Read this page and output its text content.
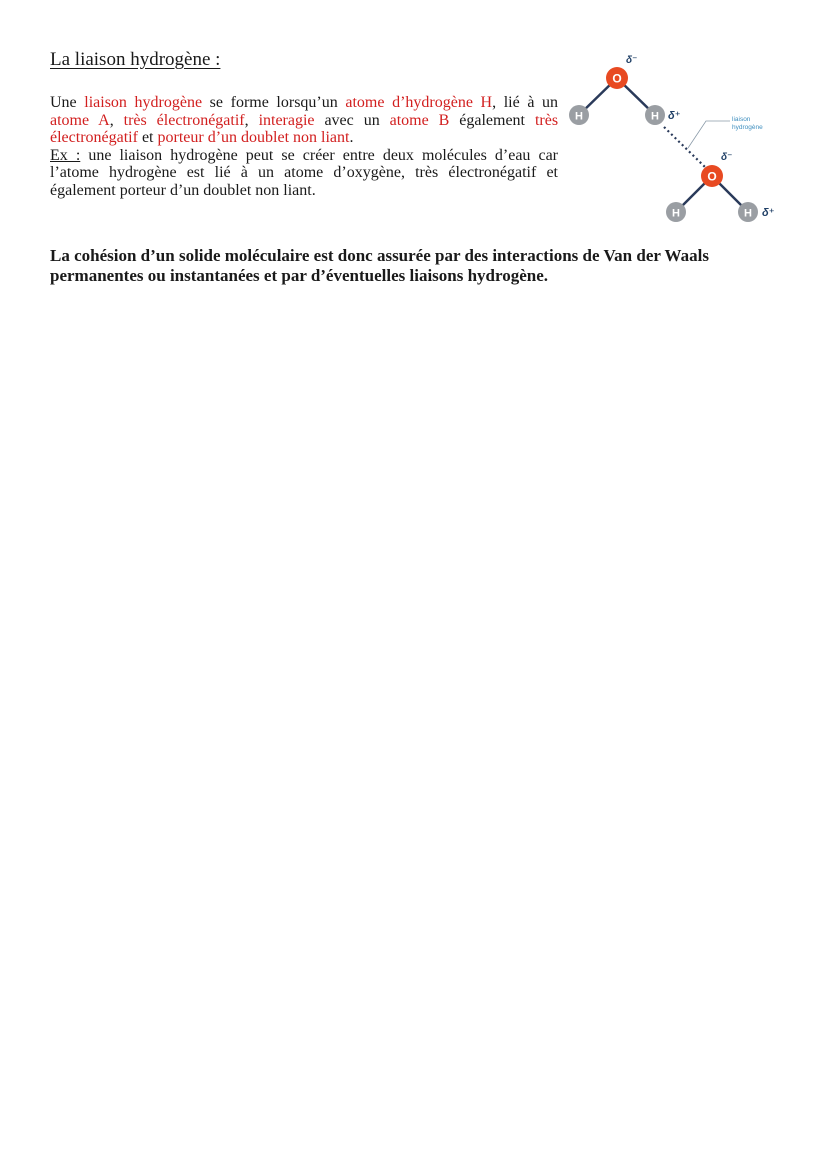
La liaison hydrogène :
Une liaison hydrogène se forme lorsqu’un atome d’hydrogène H, lié à un atome A, très électronégatif, interagie avec un atome B également très électronégatif et porteur d’un doublet non liant.
Ex : une liaison hydrogène peut se créer entre deux molécules d’eau car l’atome hydrogène est lié à un atome d’oxygène, très électronégatif et également porteur d’un doublet non liant.
O
δ⁻
H	H δ⁺	liaison
hydrogène
O
δ⁻
H	H δ⁺
La cohésion d’un solide moléculaire est donc assurée par des interactions de Van der Waals permanentes ou instantanées et par d’éventuelles liaisons hydrogène.
